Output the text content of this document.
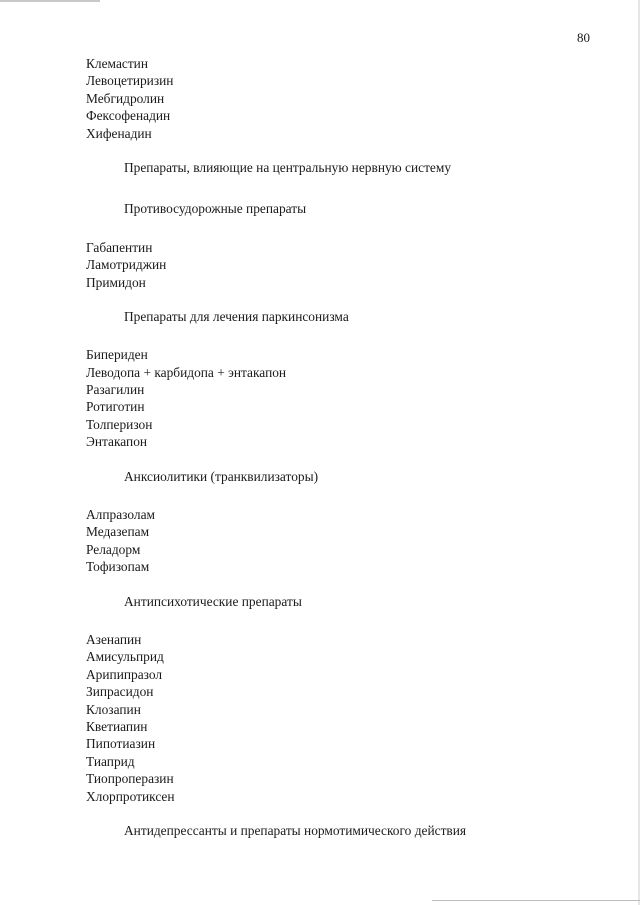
80
Клемастин
Левоцетиризин
Мебгидролин
Фексофенадин
Хифенадин
Препараты, влияющие на центральную нервную систему
Противосудорожные препараты
Габапентин
Ламотриджин
Примидон
Препараты для лечения паркинсонизма
Бипериден
Леводопа + карбидопа + энтакапон
Разагилин
Ротиготин
Толперизон
Энтакапон
Анксиолитики (транквилизаторы)
Алпразолам
Медазепам
Реладорм
Тофизопам
Антипсихотические препараты
Азенапин
Амисульприд
Арипипразол
Зипрасидон
Клозапин
Кветиапин
Пипотиазин
Тиаприд
Тиопроперазин
Хлорпротиксен
Антидепрессанты и препараты нормотимического действия
